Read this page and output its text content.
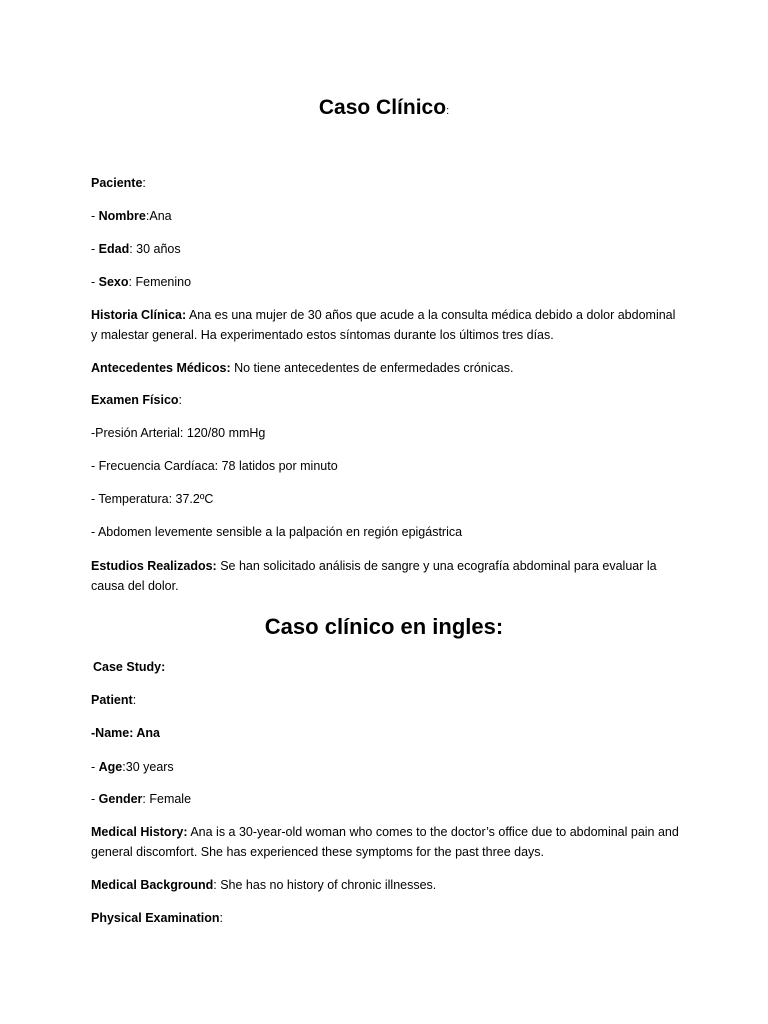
Caso Clínico:

Paciente:

- Nombre:Ana

- Edad: 30 años

- Sexo: Femenino

Historia Clínica: Ana es una mujer de 30 años que acude a la consulta médica debido a dolor abdominal y malestar general. Ha experimentado estos síntomas durante los últimos tres días.

Antecedentes Médicos: No tiene antecedentes de enfermedades crónicas.

Examen Físico:

-Presión Arterial: 120/80 mmHg

- Frecuencia Cardíaca: 78 latidos por minuto

- Temperatura: 37.2ºC

- Abdomen levemente sensible a la palpación en región epigástrica

Estudios Realizados: Se han solicitado análisis de sangre y una ecografía abdominal para evaluar la causa del dolor.

Caso clínico en ingles:

Case Study:

Patient:

-Name: Ana

- Age:30 years

- Gender: Female

Medical History: Ana is a 30-year-old woman who comes to the doctor’s office due to abdominal pain and general discomfort. She has experienced these symptoms for the past three days.

Medical Background: She has no history of chronic illnesses.

Physical Examination:
